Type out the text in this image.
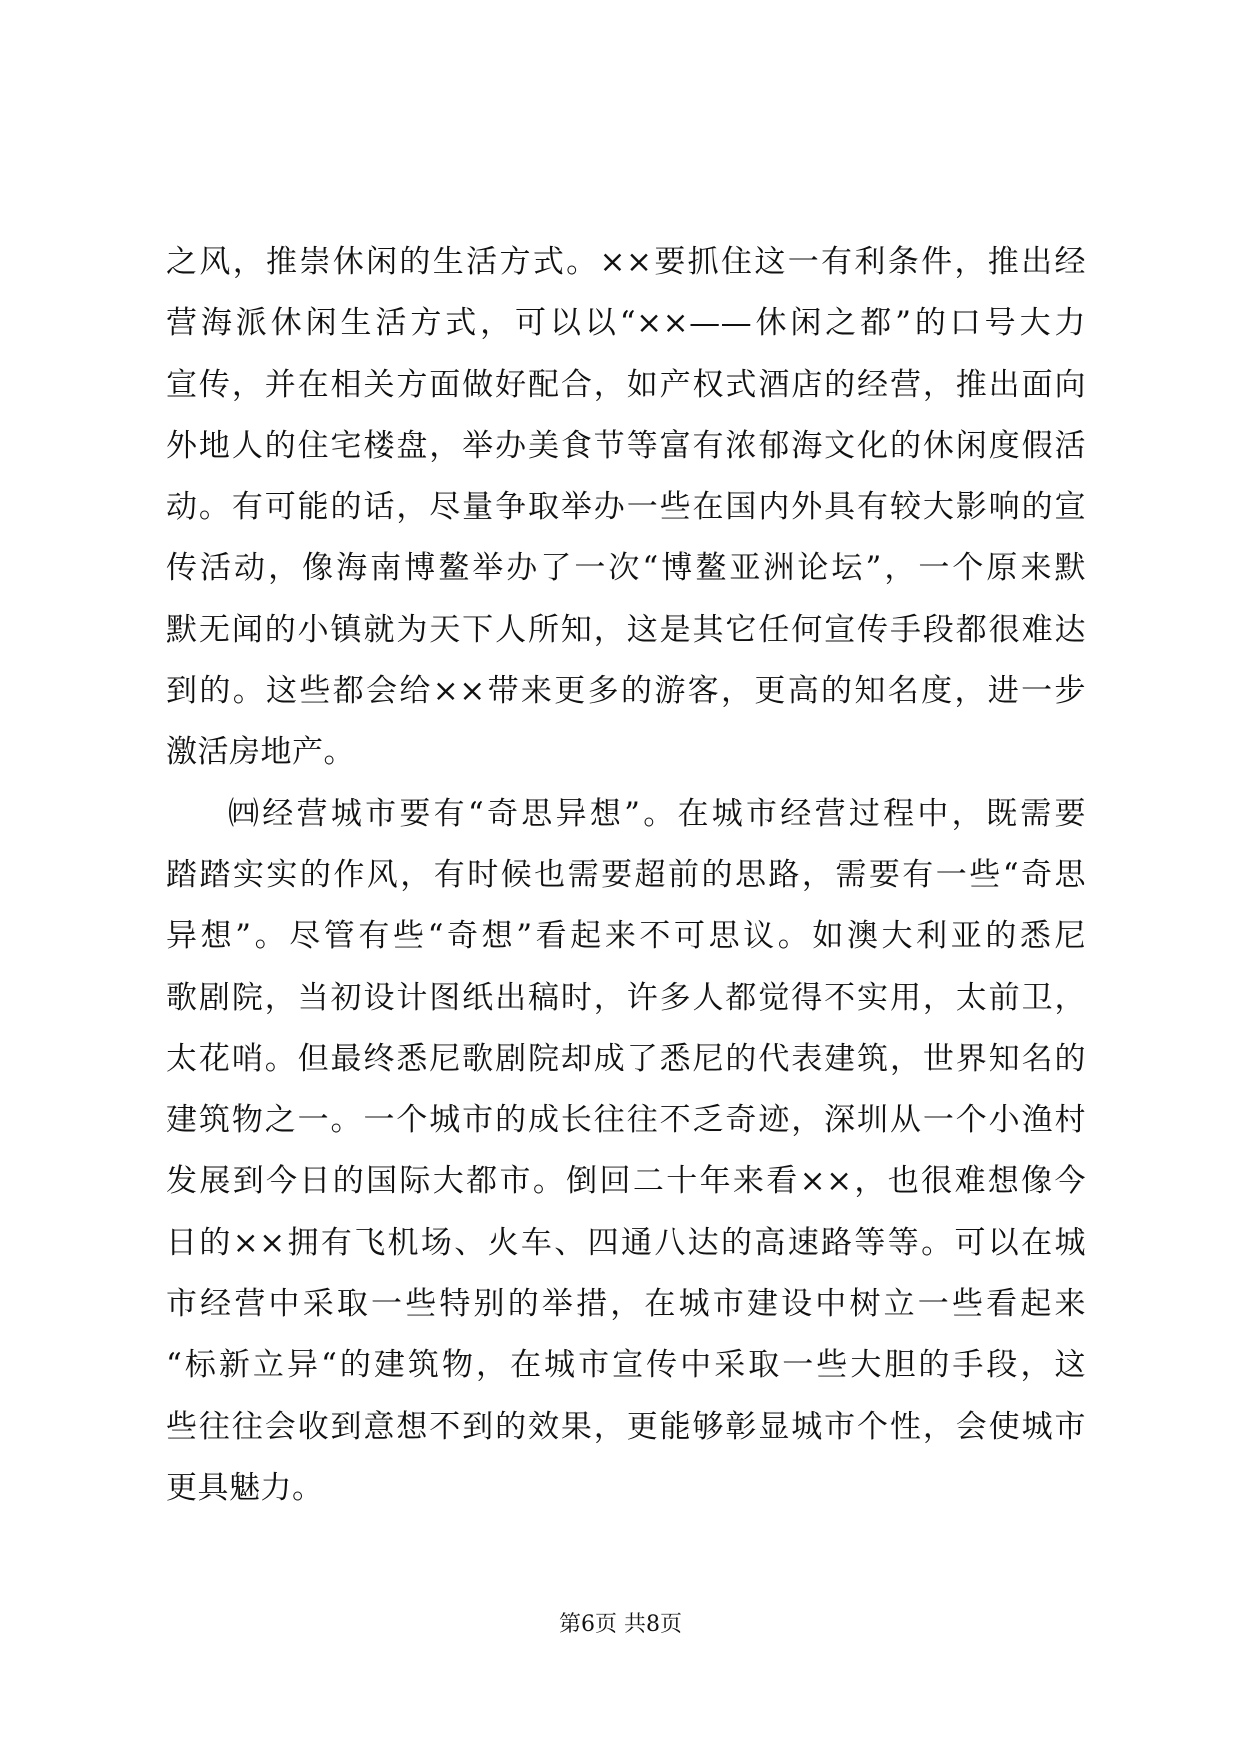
之风，推崇休闲的生活方式。××要抓住这一有利条件，推出经
营海派休闲生活方式，可以以“××——休闲之都”的口号大力
宣传，并在相关方面做好配合，如产权式酒店的经营，推出面向
外地人的住宅楼盘，举办美食节等富有浓郁海文化的休闲度假活
动。有可能的话，尽量争取举办一些在国内外具有较大影响的宣
传活动，像海南博鳌举办了一次“博鳌亚洲论坛”，一个原来默
默无闻的小镇就为天下人所知，这是其它任何宣传手段都很难达
到的。这些都会给××带来更多的游客，更高的知名度，进一步
激活房地产。
㈣经营城市要有“奇思异想”。在城市经营过程中，既需要
踏踏实实的作风，有时候也需要超前的思路，需要有一些“奇思
异想”。尽管有些“奇想”看起来不可思议。如澳大利亚的悉尼
歌剧院，当初设计图纸出稿时，许多人都觉得不实用，太前卫，
太花哨。但最终悉尼歌剧院却成了悉尼的代表建筑，世界知名的
建筑物之一。一个城市的成长往往不乏奇迹，深圳从一个小渔村
发展到今日的国际大都市。倒回二十年来看××，也很难想像今
日的××拥有飞机场、火车、四通八达的高速路等等。可以在城
市经营中采取一些特别的举措，在城市建设中树立一些看起来
“标新立异“的建筑物，在城市宣传中采取一些大胆的手段，这
些往往会收到意想不到的效果，更能够彰显城市个性，会使城市
更具魅力。
第6页 共8页
